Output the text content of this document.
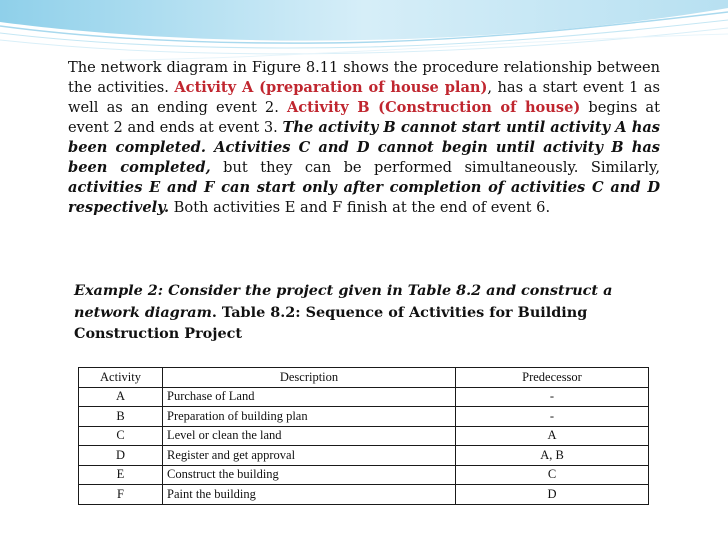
The network diagram in Figure 8.11 shows the procedure relationship between the activities. Activity A (preparation of house plan), has a start event 1 as well as an ending event 2. Activity B (Construction of house) begins at event 2 and ends at event 3. The activity B cannot start until activity A has been completed. Activities C and D cannot begin until activity B has been completed, but they can be performed simultaneously. Similarly, activities E and F can start only after completion of activities C and D respectively. Both activities E and F finish at the end of event 6.
Example 2: Consider the project given in Table 8.2 and construct a network diagram. Table 8.2: Sequence of Activities for Building Construction Project
Activity	Description	Predecessor
A	Purchase of Land	-
B	Preparation of building plan	-
C	Level or clean the land	A
D	Register and get approval	A, B
E	Construct the building	C
F	Paint the building	D
